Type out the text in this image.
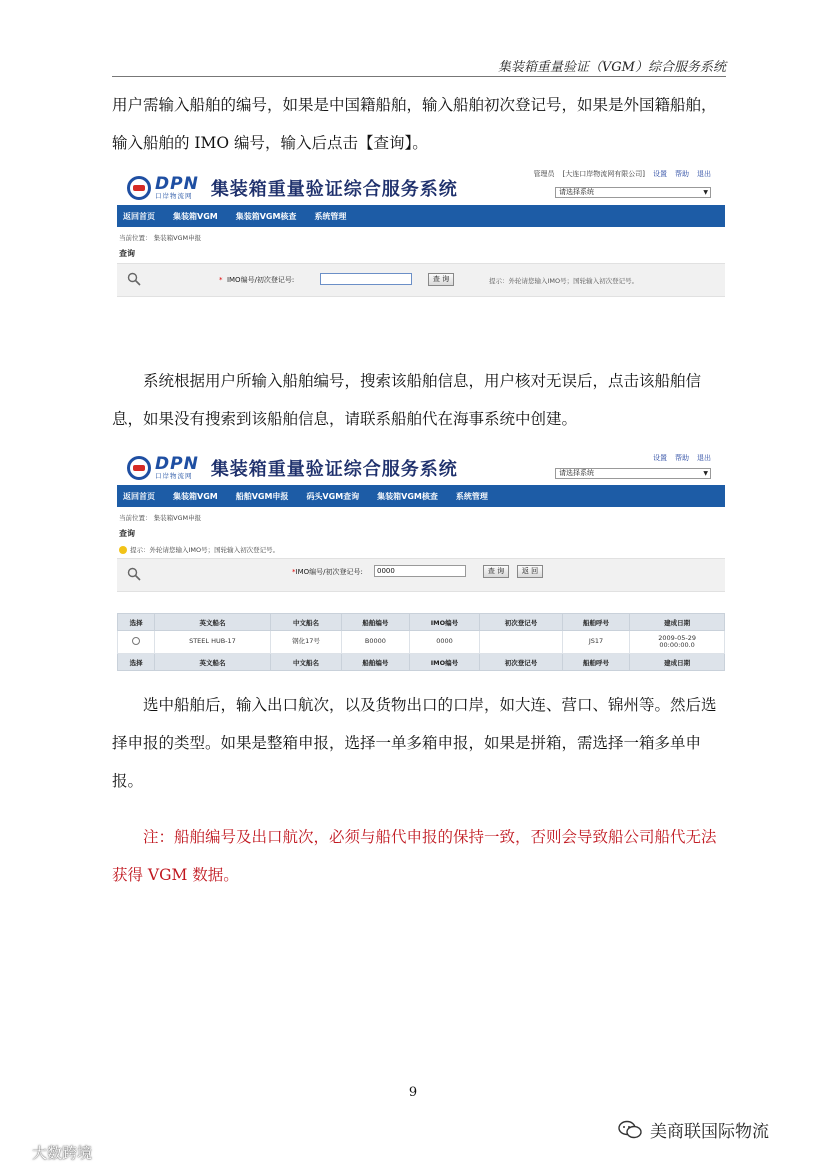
集装箱重量验证（VGM）综合服务系统

用户需输入船舶的编号，如果是中国籍船舶，输入船舶初次登记号，如果是外国籍船舶，输入船舶的 IMO 编号，输入后点击【查询】。

DPN
口岸物流网	集装箱重量验证综合服务系统
管理员 [大连口岸物流网有限公司] 设置 帮助 退出
请选择系统	▼
返回首页 集装箱VGM 集装箱VGM核查 系统管理
当前位置： 集装箱VGM申报
查询
* IMO编号/初次登记号:	查 询	提示：外轮请您输入IMO号；国轮输入初次登记号。

系统根据用户所输入船舶编号，搜索该船舶信息，用户核对无误后，点击该船舶信息，如果没有搜索到该船舶信息，请联系船舶代在海事系统中创建。

DPN
口岸物流网	集装箱重量验证综合服务系统
设置 帮助 退出
请选择系统	▼
返回首页 集装箱VGM 船舶VGM申报 码头VGM查询 集装箱VGM核查 系统管理
当前位置： 集装箱VGM申报
查询
提示：外轮请您输入IMO号；国轮输入初次登记号。
*IMO编号/初次登记号:	0000	查 询	返 回
选择	英文船名	中文船名	船舶编号	IMO编号	初次登记号	船舶呼号	建成日期
	STEEL HUB-17	钢化17号	B0000	0000		JS17	2009-05-29
00:00:00.0

选择	英文船名	中文船名	船舶编号	IMO编号	初次登记号	船舶呼号	建成日期

选中船舶后，输入出口航次，以及货物出口的口岸，如大连、营口、锦州等。然后选择申报的类型。如果是整箱申报，选择一单多箱申报，如果是拼箱，需选择一箱多单申报。

注：船舶编号及出口航次，必须与船代申报的保持一致，否则会导致船公司船代无法获得 VGM 数据。

9
大数跨境
美商联国际物流
